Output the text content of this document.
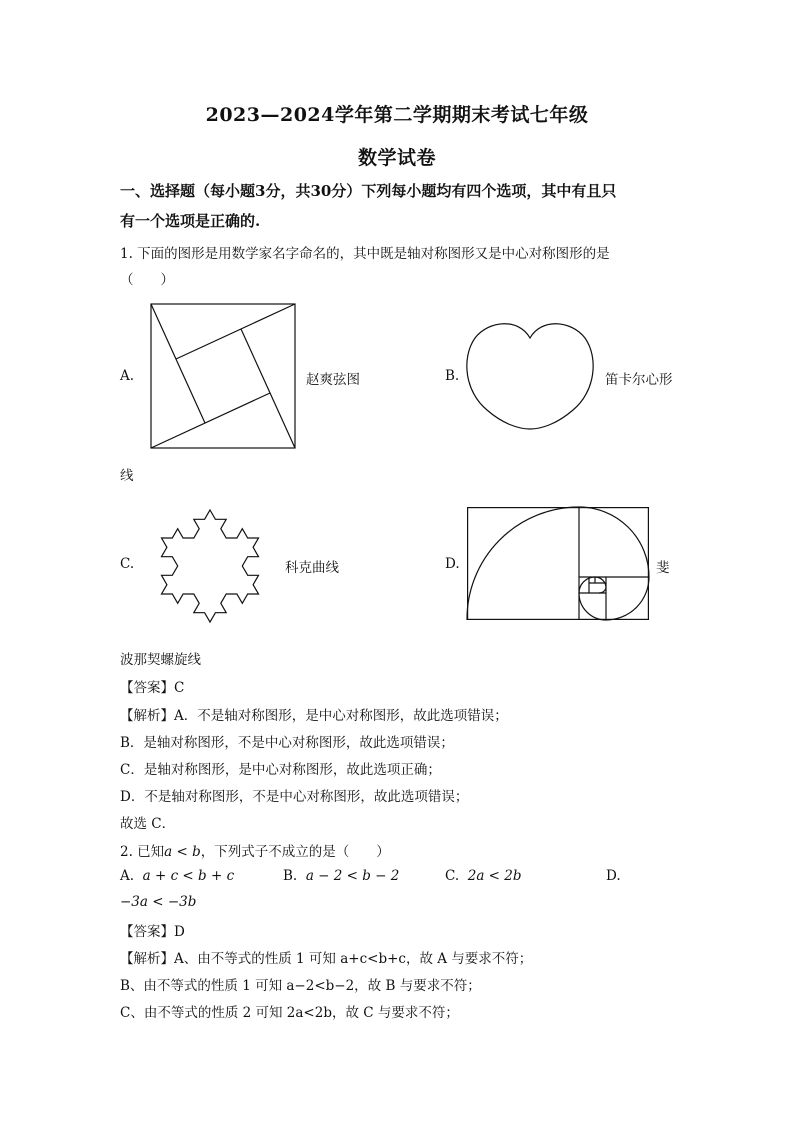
2023—2024学年第二学期期末考试七年级
数学试卷
一、选择题（每小题3分，共30分）下列每小题均有四个选项，其中有且只
有一个选项是正确的.
1. 下面的图形是用数学家名字命名的，其中既是轴对称图形又是中心对称图形的是
（　　）
A.	赵爽弦图	B.	笛卡尔心形
线
C.	科克曲线	D.	斐
波那契螺旋线
【答案】C
【解析】A．不是轴对称图形，是中心对称图形，故此选项错误；
B．是轴对称图形，不是中心对称图形，故此选项错误；
C．是轴对称图形，是中心对称图形，故此选项正确；
D．不是轴对称图形，不是中心对称图形，故此选项错误；
故选 C．
2. 已知a < b，下列式子不成立的是（　　）
A. a + c < b + c	B. a − 2 < b − 2	C. 2a < 2b	D.
−3a < −3b
【答案】D
【解析】A、由不等式的性质 1 可知 a+c<b+c，故 A 与要求不符；
B、由不等式的性质 1 可知 a−2<b−2，故 B 与要求不符；
C、由不等式的性质 2 可知 2a<2b，故 C 与要求不符；
